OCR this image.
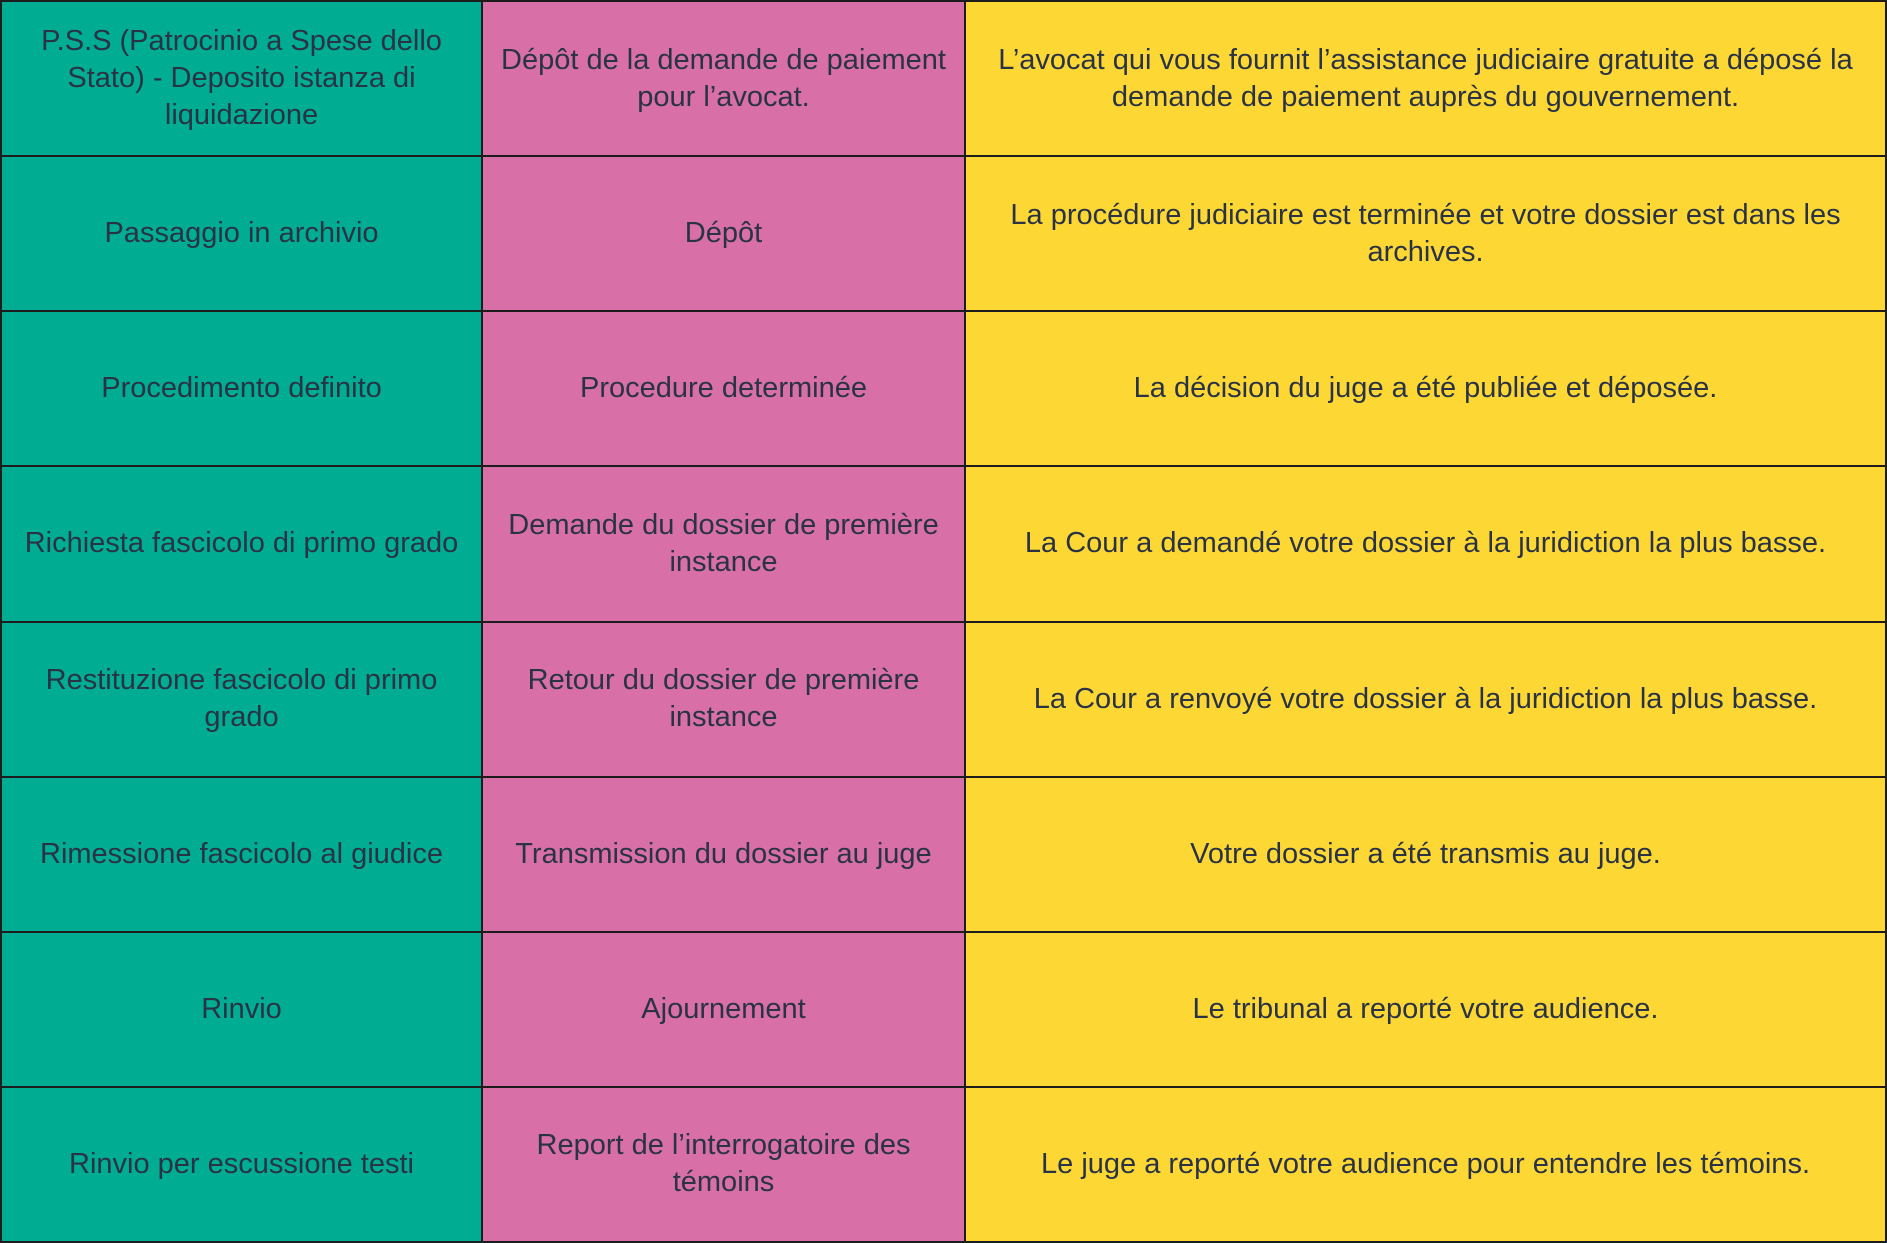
P.S.S (Patrocinio a Spese dello Stato) - Deposito istanza di liquidazione	Dépôt de la demande de paiement pour l’avocat.	L’avocat qui vous fournit l’assistance judiciaire gratuite a déposé la demande de paiement auprès du gouvernement.
Passaggio in archivio	Dépôt	La procédure judiciaire est terminée et votre dossier est dans les archives.
Procedimento definito	Procedure determinée	La décision du juge a été publiée et déposée.
Richiesta fascicolo di primo grado	Demande du dossier de première instance	La Cour a demandé votre dossier à la juridiction la plus basse.
Restituzione fascicolo di primo grado	Retour du dossier de première instance	La Cour a renvoyé votre dossier à la juridiction la plus basse.
Rimessione fascicolo al giudice	Transmission du dossier au juge	Votre dossier a été transmis au juge.
Rinvio	Ajournement	Le tribunal a reporté votre audience.
Rinvio per escussione testi	Report de l’interrogatoire des témoins	Le juge a reporté votre audience pour entendre les témoins.
